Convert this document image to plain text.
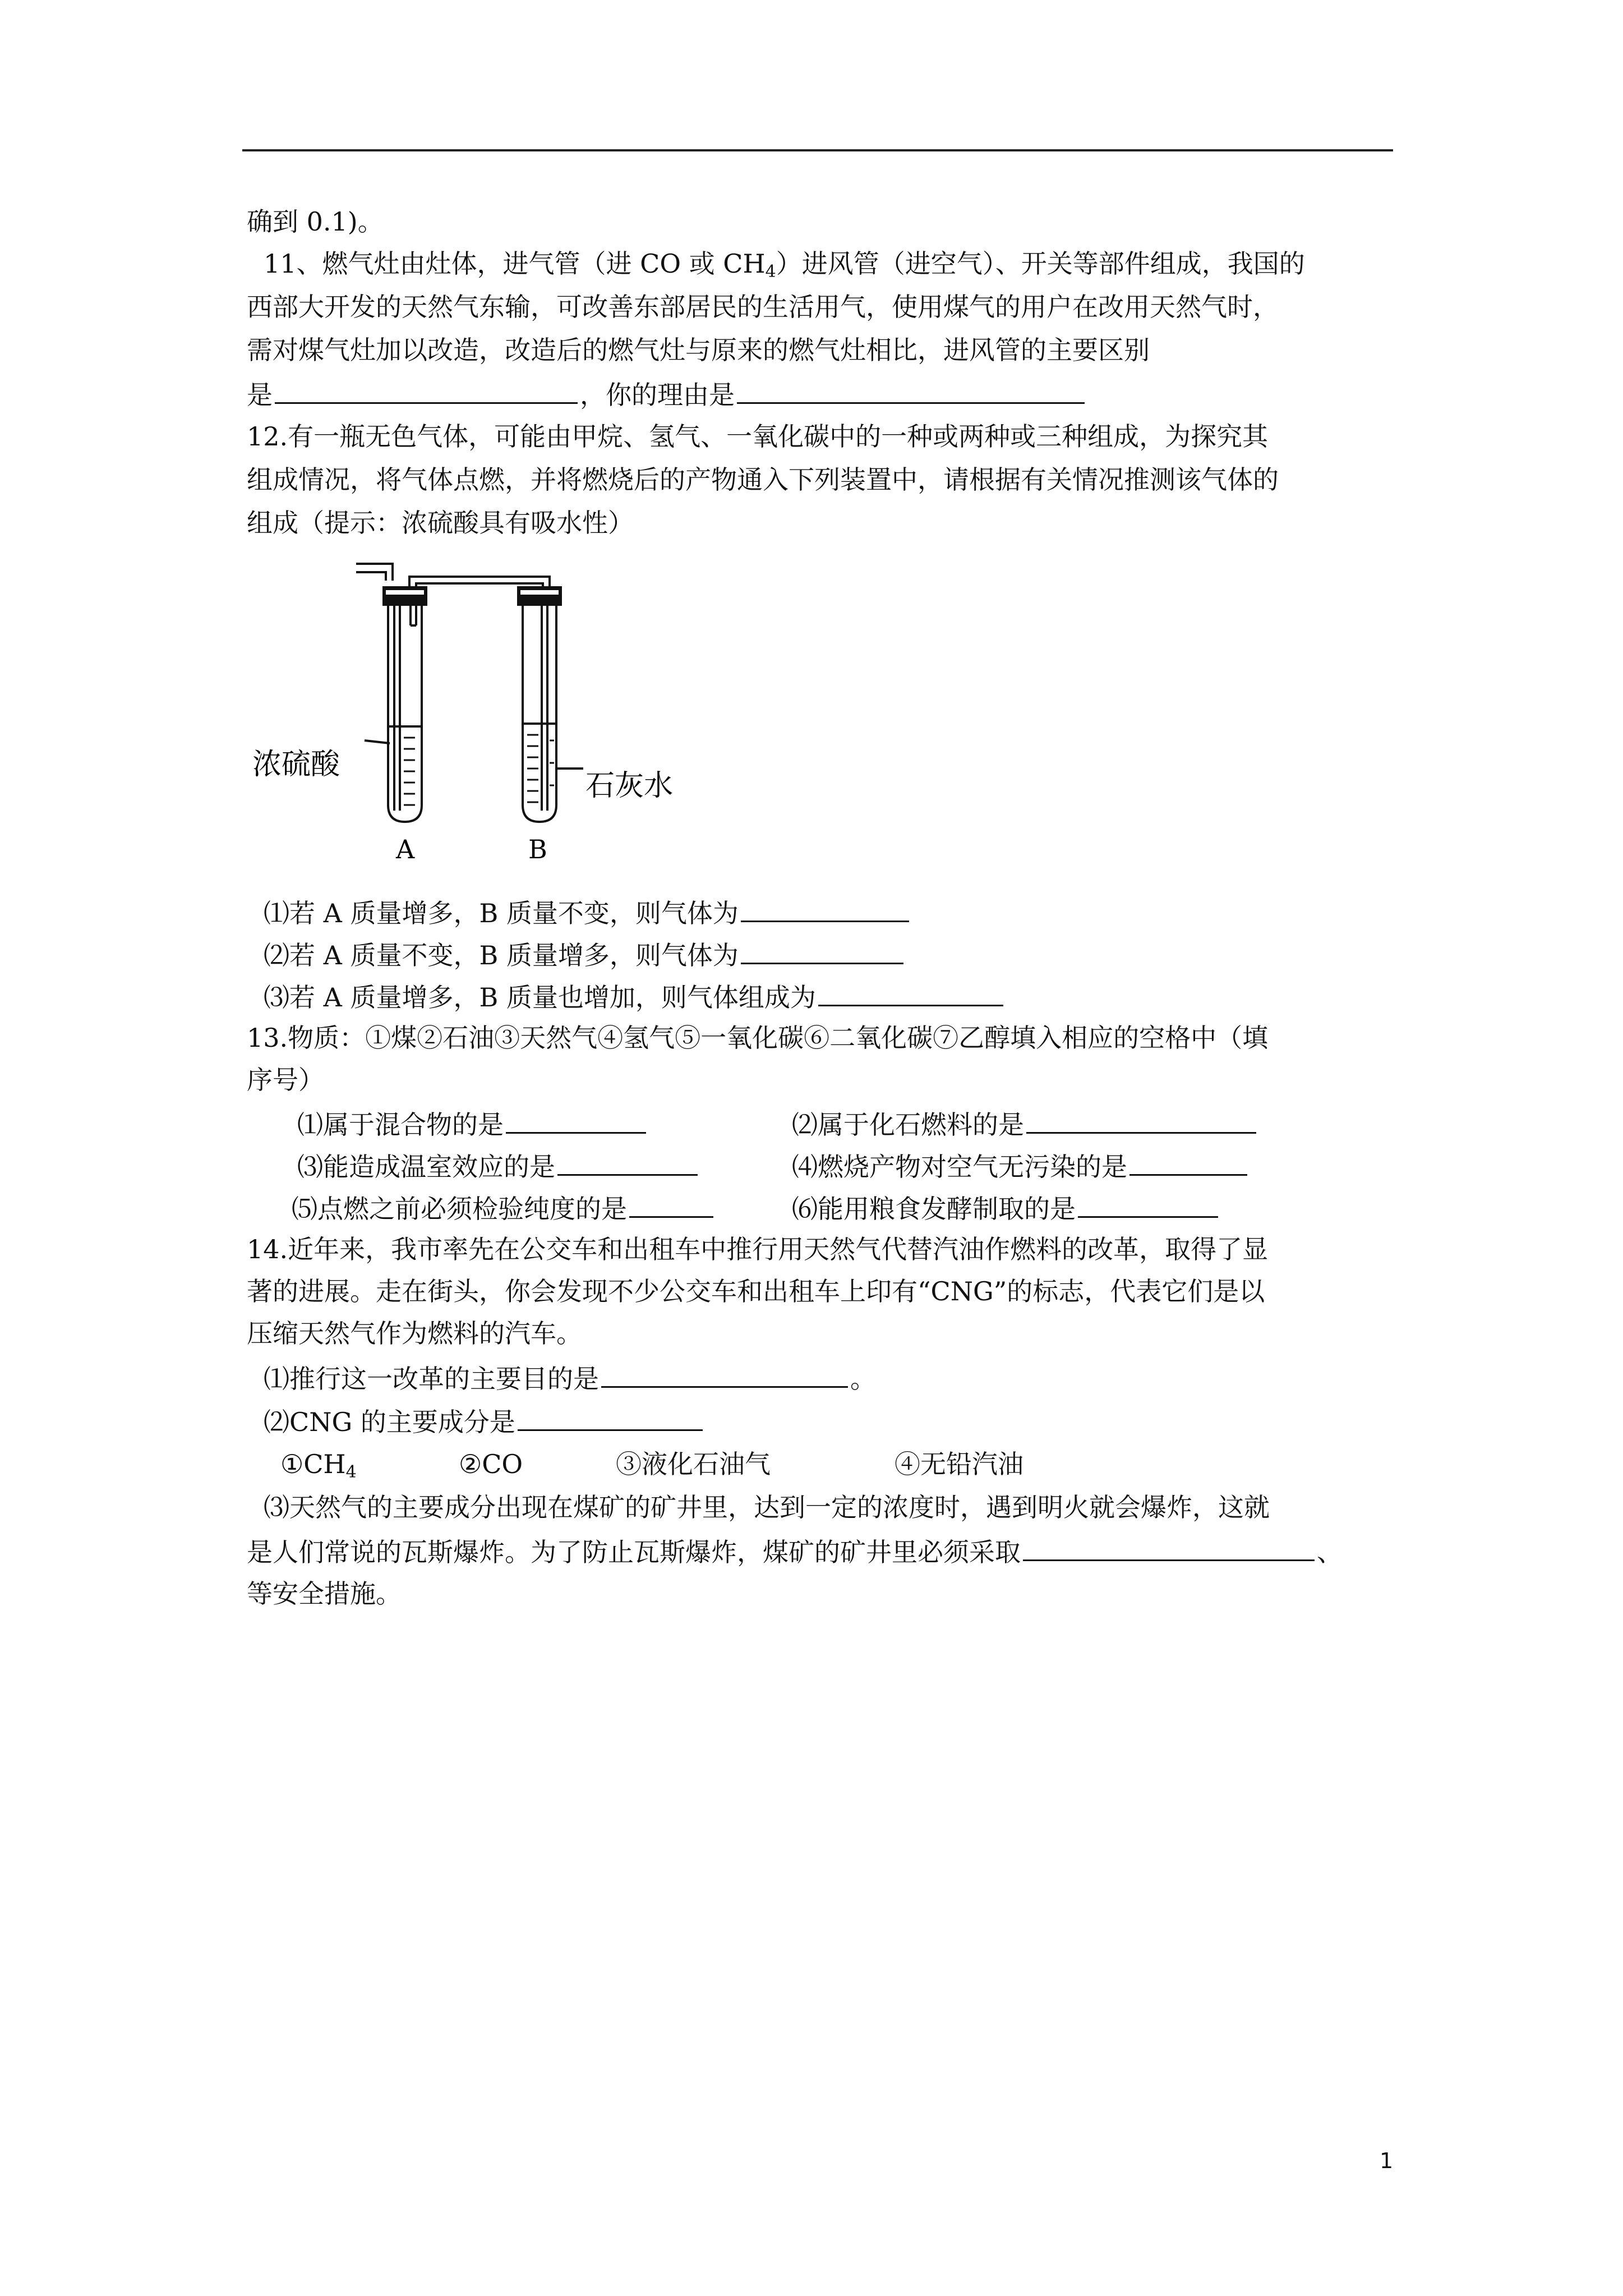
确到 0.1)。
11、燃气灶由灶体，进气管（进 CO 或 $CH_4$）进风管（进空气）、开关等部件组成，我国的
西部大开发的天然气东输，可改善东部居民的生活用气，使用煤气的用户在改用天然气时，
需对煤气灶加以改造，改造后的燃气灶与原来的燃气灶相比，进风管的主要区别
是	，你的理由是
12.有一瓶无色气体，可能由甲烷、氢气、一氧化碳中的一种或两种或三种组成，为探究其
组成情况，将气体点燃，并将燃烧后的产物通入下列装置中，请根据有关情况推测该气体的
组成（提示：浓硫酸具有吸水性）
浓硫酸
石灰水
A	B
⑴若 A 质量增多，B 质量不变，则气体为
⑵若 A 质量不变，B 质量增多，则气体为
⑶若 A 质量增多，B 质量也增加，则气体组成为
13.物质：①煤②石油③天然气④氢气⑤一氧化碳⑥二氧化碳⑦乙醇填入相应的空格中（填
序号）
⑴属于混合物的是	⑵属于化石燃料的是
⑶能造成温室效应的是	⑷燃烧产物对空气无污染的是
⑸点燃之前必须检验纯度的是	⑹能用粮食发酵制取的是
14.近年来，我市率先在公交车和出租车中推行用天然气代替汽油作燃料的改革，取得了显
著的进展。走在街头，你会发现不少公交车和出租车上印有“CNG”的标志，代表它们是以
压缩天然气作为燃料的汽车。
⑴推行这一改革的主要目的是	。
⑵CNG 的主要成分是
$①CH_4$	②CO	③液化石油气	④无铅汽油
⑶天然气的主要成分出现在煤矿的矿井里，达到一定的浓度时，遇到明火就会爆炸，这就
是人们常说的瓦斯爆炸。为了防止瓦斯爆炸，煤矿的矿井里必须采取	、
等安全措施。
1
